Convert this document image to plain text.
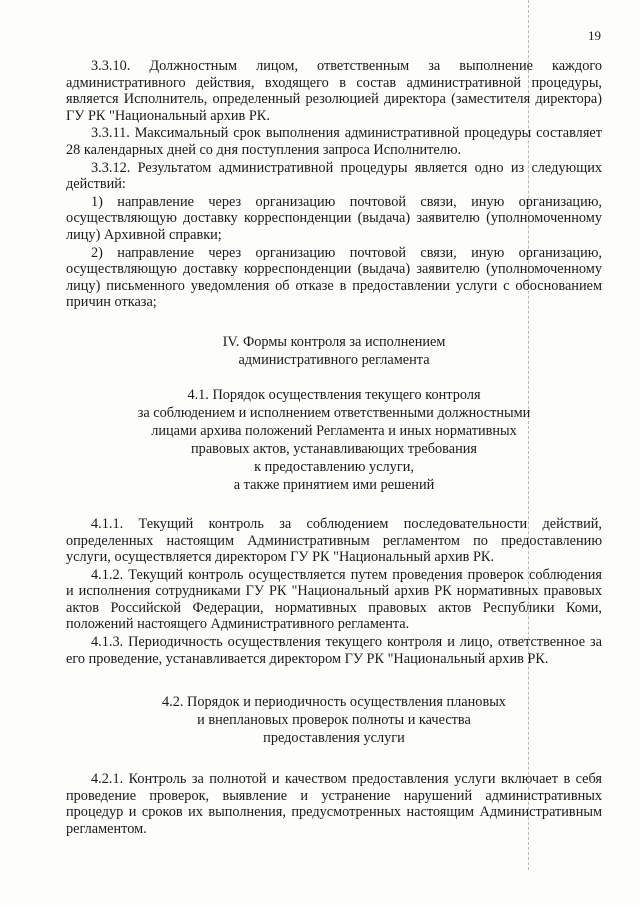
19

3.3.10. Должностным лицом, ответственным за выполнение каждого административного действия, входящего в состав административной процедуры, является Исполнитель, определенный резолюцией директора (заместителя директора) ГУ РК "Национальный архив РК.

3.3.11. Максимальный срок выполнения административной процедуры составляет 28 календарных дней со дня поступления запроса Исполнителю.

3.3.12. Результатом административной процедуры является одно из следующих действий:

1) направление через организацию почтовой связи, иную организацию, осуществляющую доставку корреспонденции (выдача) заявителю (уполномоченному лицу) Архивной справки;

2) направление через организацию почтовой связи, иную организацию, осуществляющую доставку корреспонденции (выдача) заявителю (уполномоченному лицу) письменного уведомления об отказе в предоставлении услуги с обоснованием причин отказа;

IV. Формы контроля за исполнением
административного регламента
4.1. Порядок осуществления текущего контроля
за соблюдением и исполнением ответственными должностными
лицами архива положений Регламента и иных нормативных
правовых актов, устанавливающих требования
к предоставлению услуги,
а также принятием ими решений

4.1.1. Текущий контроль за соблюдением последовательности действий, определенных настоящим Административным регламентом по предоставлению услуги, осуществляется директором ГУ РК "Национальный архив РК.

4.1.2. Текущий контроль осуществляется путем проведения проверок соблюдения и исполнения сотрудниками ГУ РК "Национальный архив РК нормативных правовых актов Российской Федерации, нормативных правовых актов Республики Коми, положений настоящего Административного регламента.

4.1.3. Периодичность осуществления текущего контроля и лицо, ответственное за его проведение, устанавливается директором ГУ РК "Национальный архив РК.

4.2. Порядок и периодичность осуществления плановых
и внеплановых проверок полноты и качества
предоставления услуги

4.2.1. Контроль за полнотой и качеством предоставления услуги включает в себя проведение проверок, выявление и устранение нарушений административных процедур и сроков их выполнения, предусмотренных настоящим Административным регламентом.
